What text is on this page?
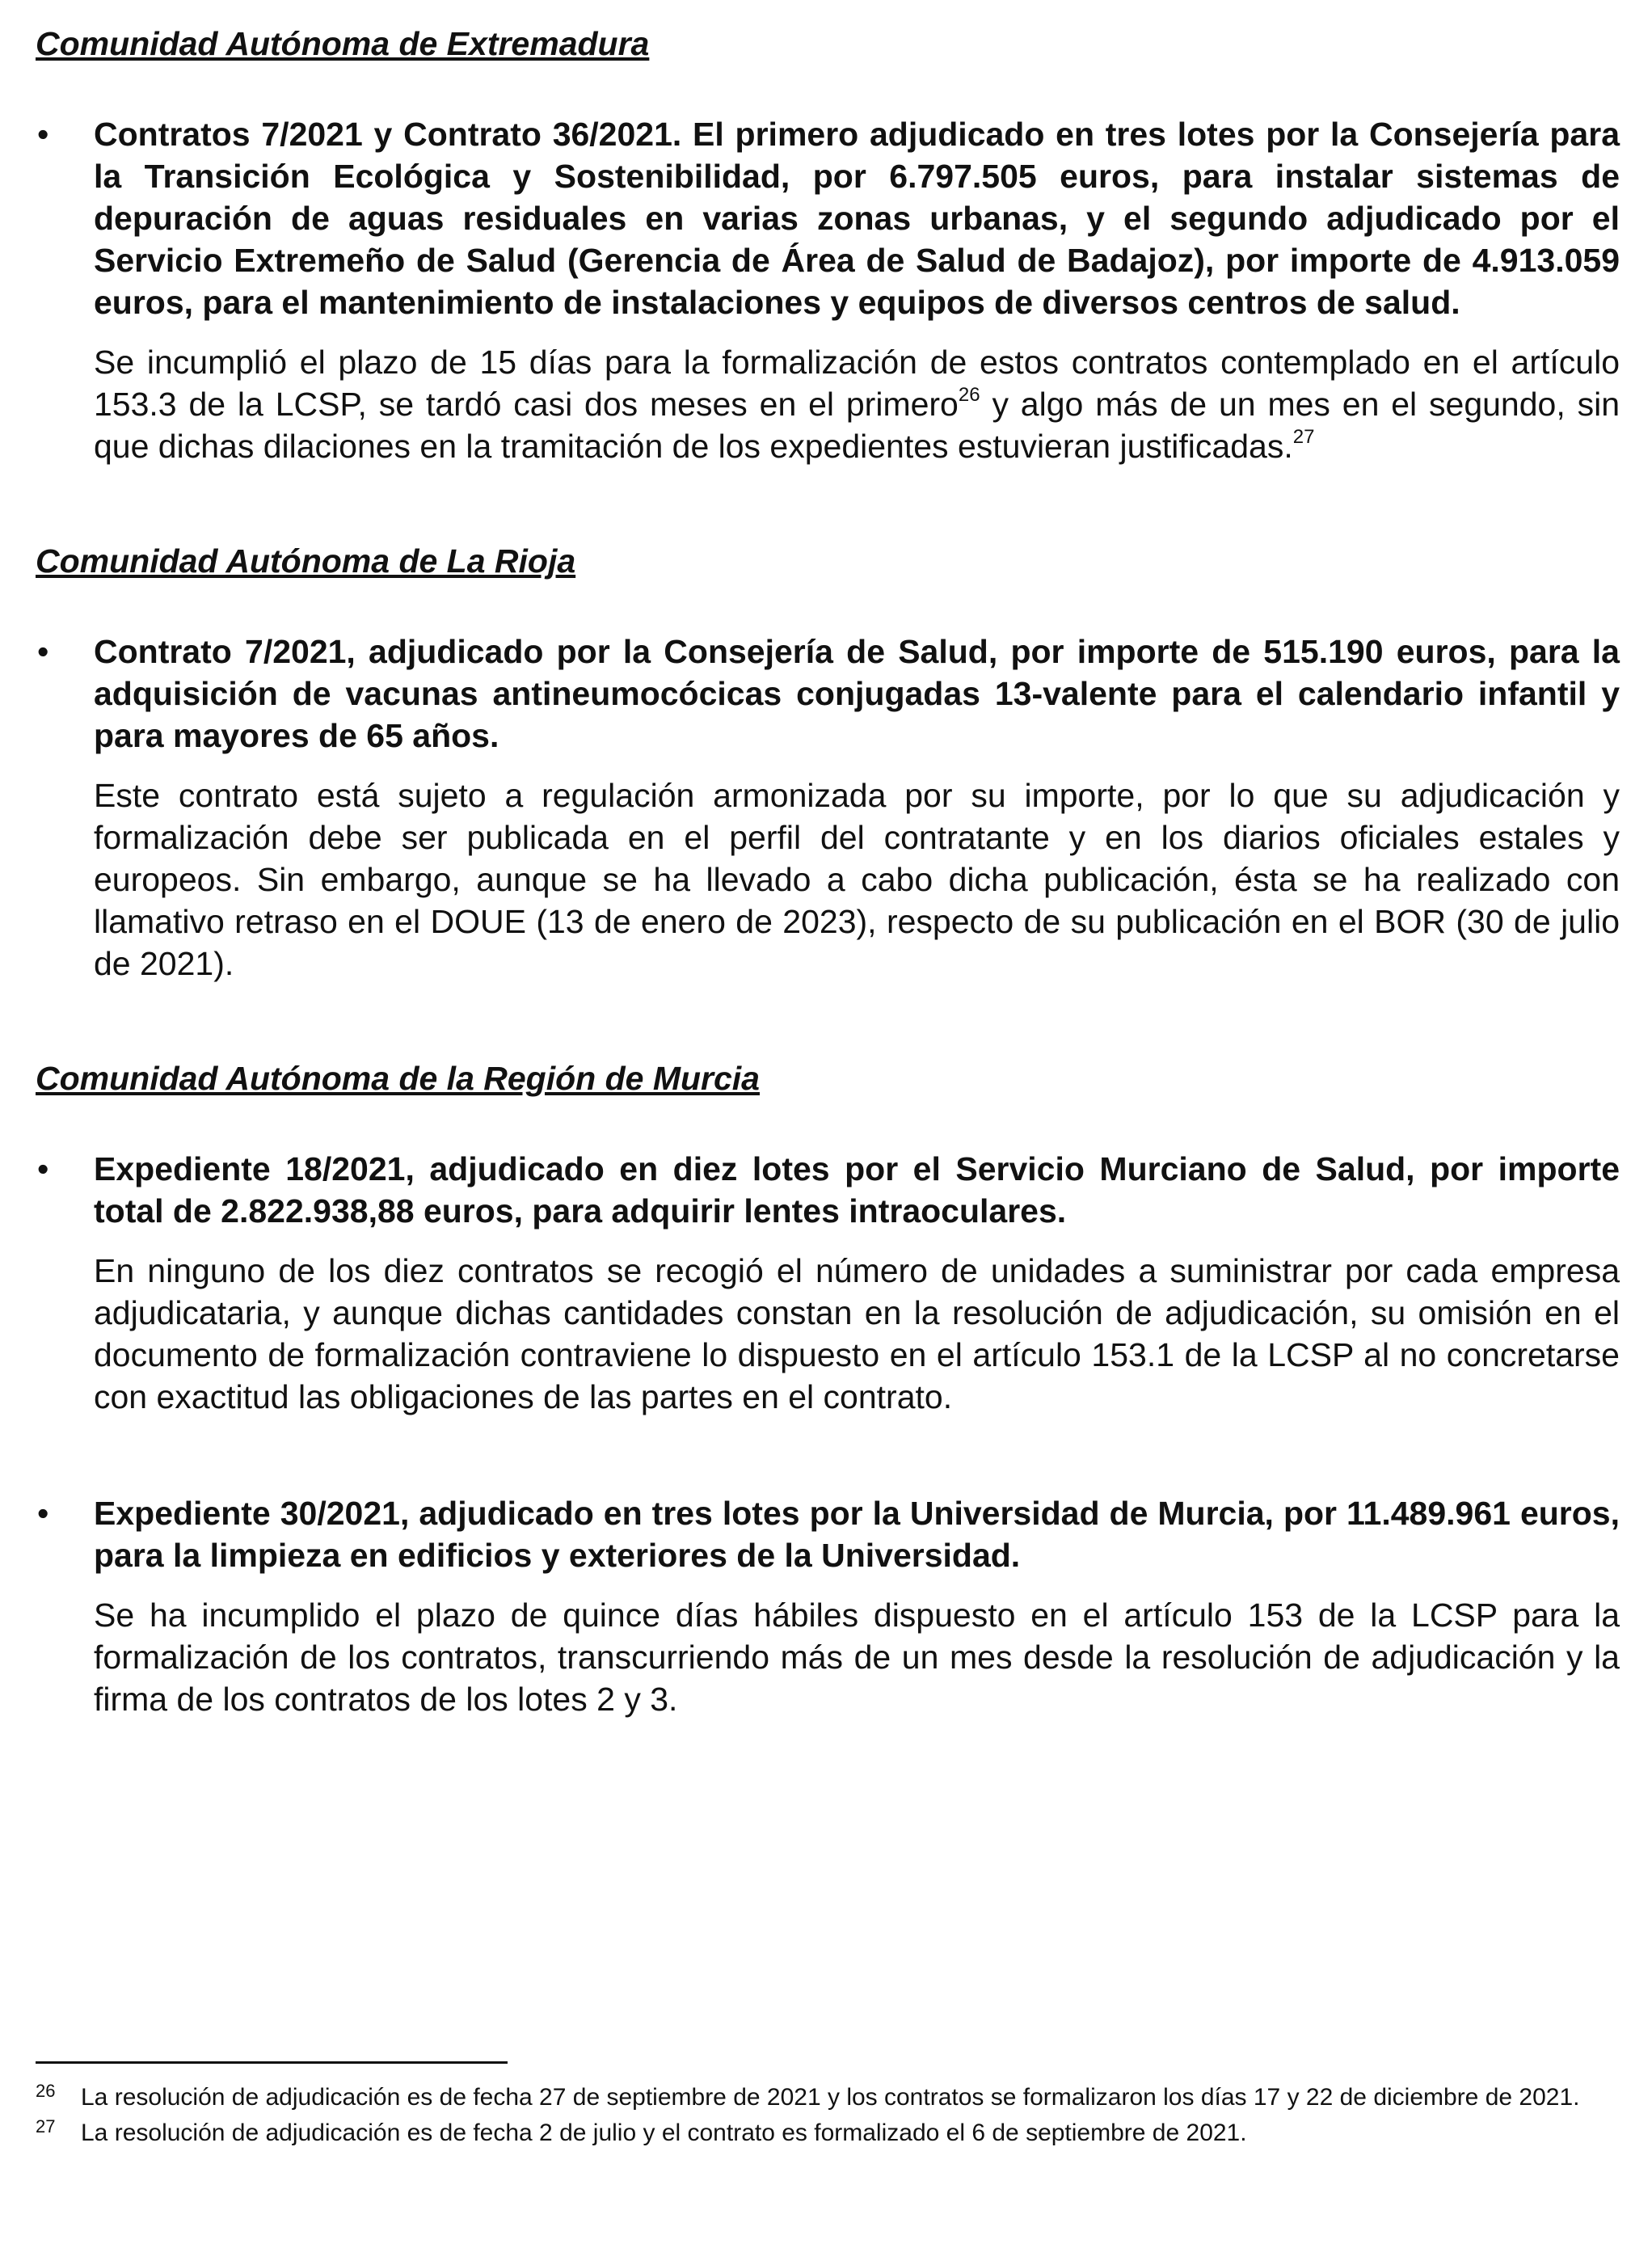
Comunidad Autónoma de Extremadura
• Contratos 7/2021 y Contrato 36/2021. El primero adjudicado en tres lotes por la Consejería para la Transición Ecológica y Sostenibilidad, por 6.797.505 euros, para instalar sistemas de depuración de aguas residuales en varias zonas urbanas, y el segundo adjudicado por el Servicio Extremeño de Salud (Gerencia de Área de Salud de Badajoz), por importe de 4.913.059 euros, para el mantenimiento de instalaciones y equipos de diversos centros de salud.

Se incumplió el plazo de 15 días para la formalización de estos contratos contemplado en el artículo 153.3 de la LCSP, se tardó casi dos meses en el primero$^{26}$ y algo más de un mes en el segundo, sin que dichas dilaciones en la tramitación de los expedientes estuvieran justificadas.$^{27}$

Comunidad Autónoma de La Rioja
• Contrato 7/2021, adjudicado por la Consejería de Salud, por importe de 515.190 euros, para la adquisición de vacunas antineumocócicas conjugadas 13-valente para el calendario infantil y para mayores de 65 años.

Este contrato está sujeto a regulación armonizada por su importe, por lo que su adjudicación y formalización debe ser publicada en el perfil del contratante y en los diarios oficiales estales y europeos. Sin embargo, aunque se ha llevado a cabo dicha publicación, ésta se ha realizado con llamativo retraso en el DOUE (13 de enero de 2023), respecto de su publicación en el BOR (30 de julio de 2021).

Comunidad Autónoma de la Región de Murcia
• Expediente 18/2021, adjudicado en diez lotes por el Servicio Murciano de Salud, por importe total de 2.822.938,88 euros, para adquirir lentes intraoculares.

En ninguno de los diez contratos se recogió el número de unidades a suministrar por cada empresa adjudicataria, y aunque dichas cantidades constan en la resolución de adjudicación, su omisión en el documento de formalización contraviene lo dispuesto en el artículo 153.1 de la LCSP al no concretarse con exactitud las obligaciones de las partes en el contrato.

• Expediente 30/2021, adjudicado en tres lotes por la Universidad de Murcia, por 11.489.961 euros, para la limpieza en edificios y exteriores de la Universidad.

Se ha incumplido el plazo de quince días hábiles dispuesto en el artículo 153 de la LCSP para la formalización de los contratos, transcurriendo más de un mes desde la resolución de adjudicación y la firma de los contratos de los lotes 2 y 3.

26 La resolución de adjudicación es de fecha 27 de septiembre de 2021 y los contratos se formalizaron los días 17 y 22 de diciembre de 2021.

27 La resolución de adjudicación es de fecha 2 de julio y el contrato es formalizado el 6 de septiembre de 2021.
